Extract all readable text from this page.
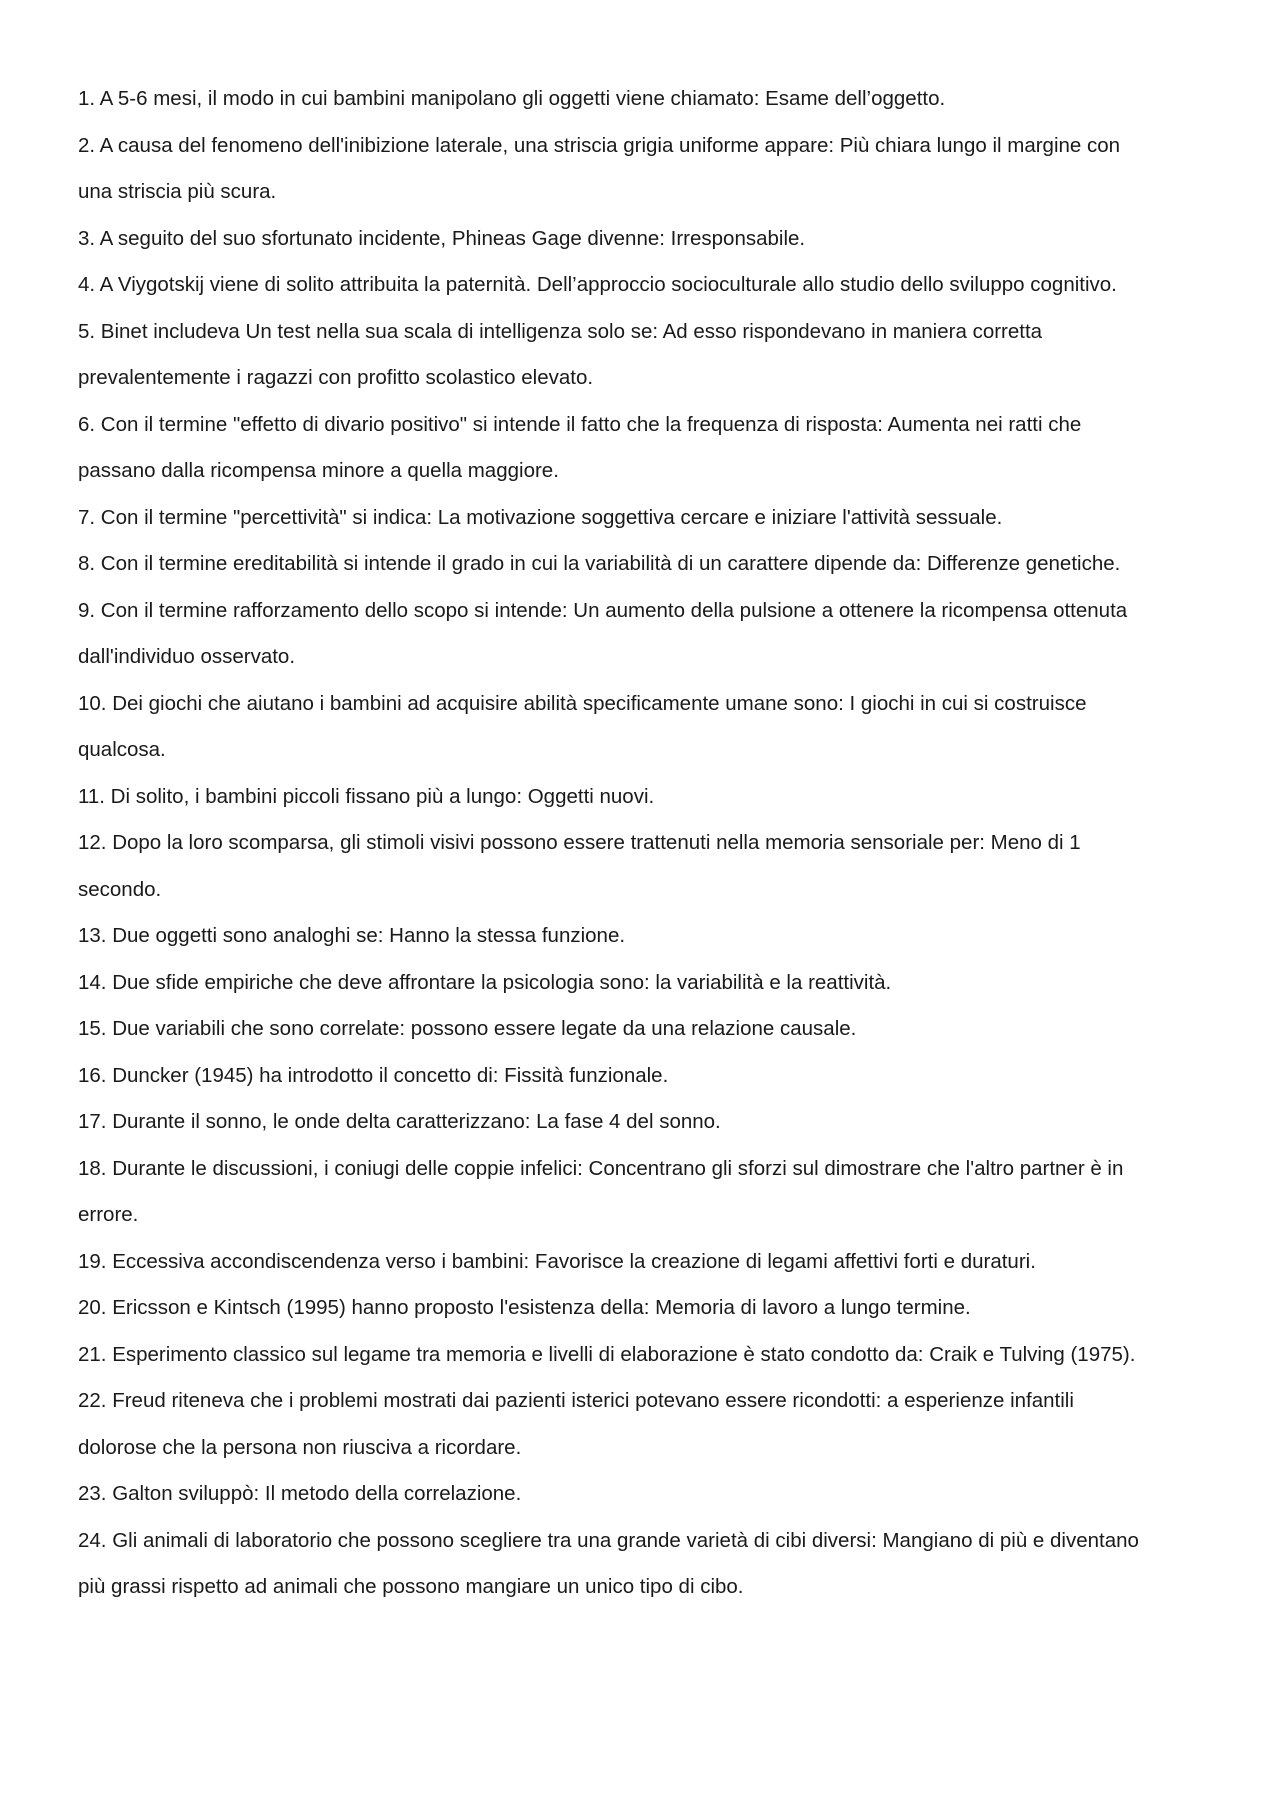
1. A 5-6 mesi, il modo in cui bambini manipolano gli oggetti viene chiamato: Esame dell’oggetto.

2. A causa del fenomeno dell'inibizione laterale, una striscia grigia uniforme appare: Più chiara lungo il margine con una striscia più scura.

3. A seguito del suo sfortunato incidente, Phineas Gage divenne: Irresponsabile.

4. A Viygotskij viene di solito attribuita la paternità. Dell’approccio socioculturale allo studio dello sviluppo cognitivo.

5. Binet includeva Un test nella sua scala di intelligenza solo se: Ad esso rispondevano in maniera corretta prevalentemente i ragazzi con profitto scolastico elevato.

6. Con il termine "effetto di divario positivo" si intende il fatto che la frequenza di risposta: Aumenta nei ratti che passano dalla ricompensa minore a quella maggiore.

7. Con il termine "percettività" si indica: La motivazione soggettiva cercare e iniziare l'attività sessuale.

8. Con il termine ereditabilità si intende il grado in cui la variabilità di un carattere dipende da: Differenze genetiche.

9. Con il termine rafforzamento dello scopo si intende: Un aumento della pulsione a ottenere la ricompensa ottenuta dall'individuo osservato.

10. Dei giochi che aiutano i bambini ad acquisire abilità specificamente umane sono: I giochi in cui si costruisce qualcosa.

11. Di solito, i bambini piccoli fissano più a lungo: Oggetti nuovi.

12. Dopo la loro scomparsa, gli stimoli visivi possono essere trattenuti nella memoria sensoriale per: Meno di 1 secondo.

13. Due oggetti sono analoghi se: Hanno la stessa funzione.

14. Due sfide empiriche che deve affrontare la psicologia sono: la variabilità e la reattività.

15. Due variabili che sono correlate: possono essere legate da una relazione causale.

16. Duncker (1945) ha introdotto il concetto di: Fissità funzionale.

17. Durante il sonno, le onde delta caratterizzano: La fase 4 del sonno.

18. Durante le discussioni, i coniugi delle coppie infelici: Concentrano gli sforzi sul dimostrare che l'altro partner è in errore.

19. Eccessiva accondiscendenza verso i bambini: Favorisce la creazione di legami affettivi forti e duraturi.

20. Ericsson e Kintsch (1995) hanno proposto l'esistenza della: Memoria di lavoro a lungo termine.

21. Esperimento classico sul legame tra memoria e livelli di elaborazione è stato condotto da: Craik e Tulving (1975).

22. Freud riteneva che i problemi mostrati dai pazienti isterici potevano essere ricondotti: a esperienze infantili dolorose che la persona non riusciva a ricordare.

23. Galton sviluppò: Il metodo della correlazione.

24. Gli animali di laboratorio che possono scegliere tra una grande varietà di cibi diversi: Mangiano di più e diventano più grassi rispetto ad animali che possono mangiare un unico tipo di cibo.
